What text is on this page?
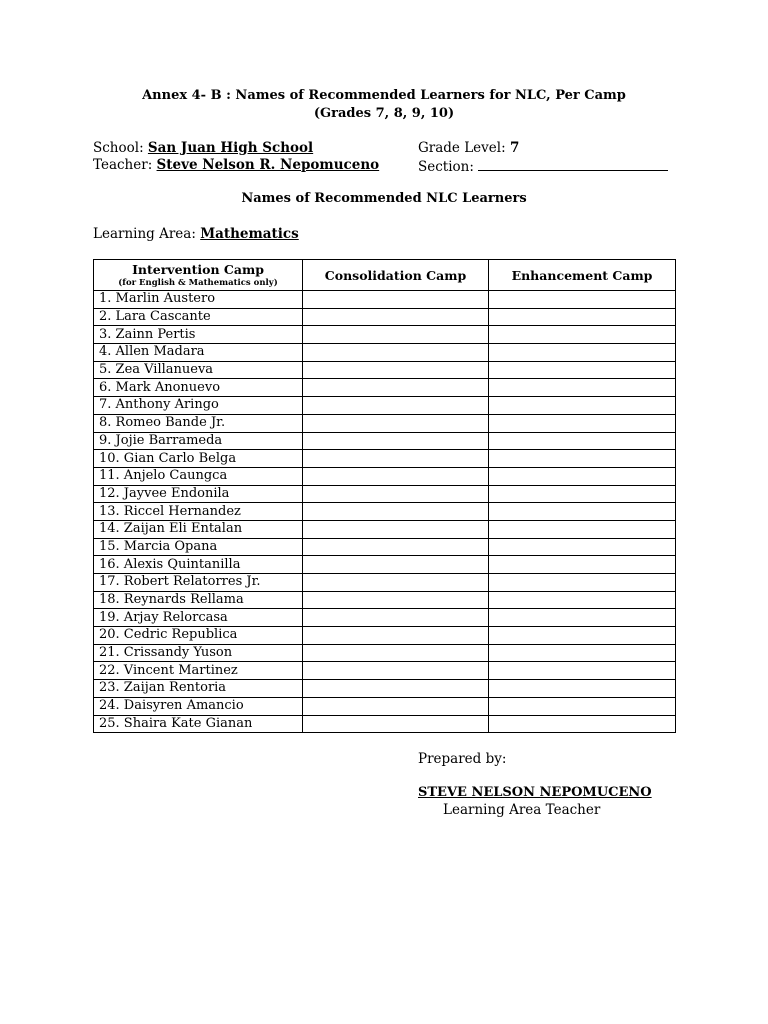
Annex 4- B : Names of Recommended Learners for NLC, Per Camp
(Grades 7, 8, 9, 10)
School: San Juan High School
Teacher: Steve Nelson R. Nepomuceno
Grade Level: 7
Section:
Names of Recommended NLC Learners
Learning Area: Mathematics
Intervention Camp
(for English & Mathematics only)	Consolidation Camp	Enhancement Camp
1. Marlin Austero		
2. Lara Cascante		
3. Zainn Pertis		
4. Allen Madara		
5. Zea Villanueva		
6. Mark Anonuevo		
7. Anthony Aringo		
8. Romeo Bande Jr.		
9. Jojie Barrameda		
10. Gian Carlo Belga		
11. Anjelo Caungca		
12. Jayvee Endonila		
13. Riccel Hernandez		
14. Zaijan Eli Entalan		
15. Marcia Opana		
16. Alexis Quintanilla		
17. Robert Relatorres Jr.		
18. Reynards Rellama		
19. Arjay Relorcasa		
20. Cedric Republica		
21. Crissandy Yuson		
22. Vincent Martinez		
23. Zaijan Rentoria		
24. Daisyren Amancio		
25. Shaira Kate Gianan		
Prepared by:
STEVE NELSON NEPOMUCENO
Learning Area Teacher
